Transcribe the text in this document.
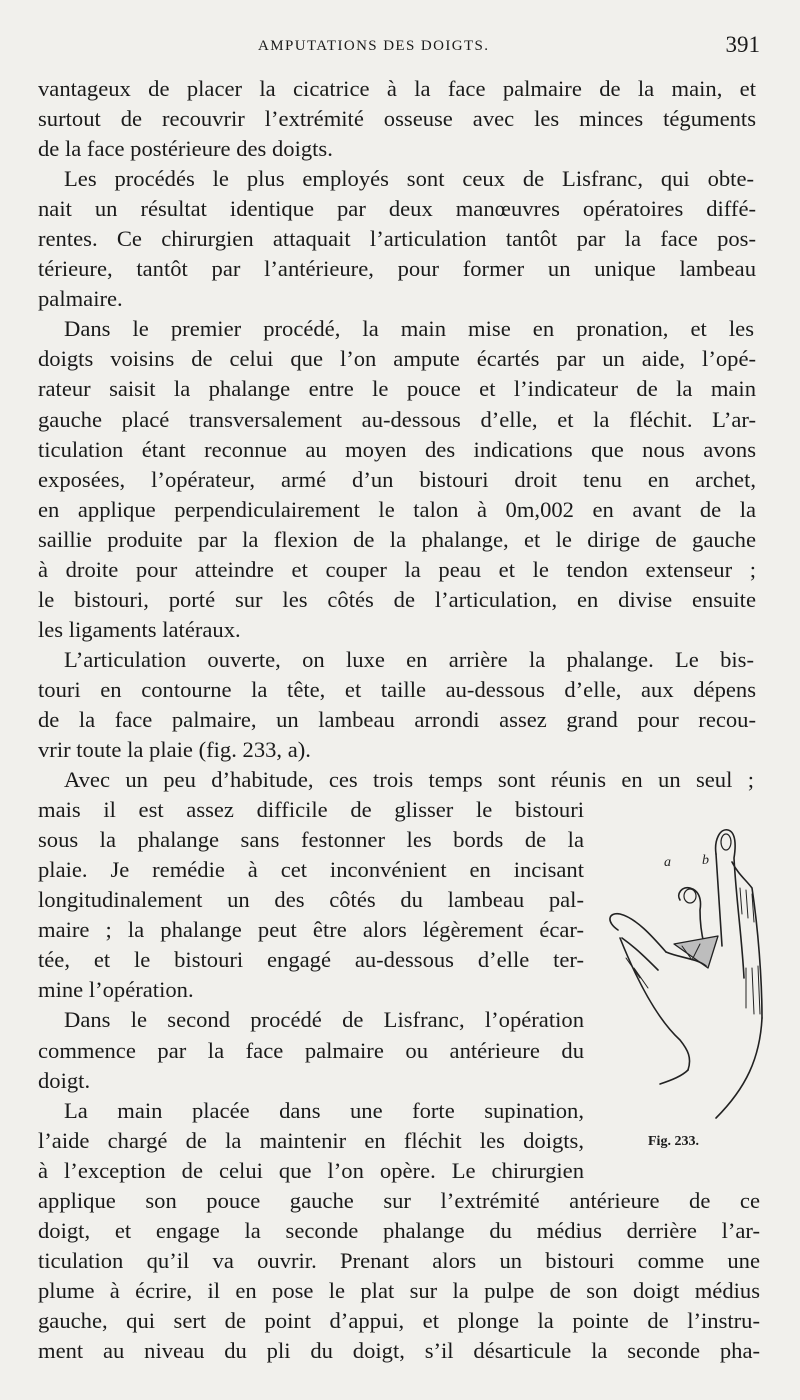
AMPUTATIONS DES DOIGTS.	391
vantageux de placer la cicatrice à la face palmaire de la main, et
surtout de recouvrir l’extrémité osseuse avec les minces téguments
de la face postérieure des doigts.
Les procédés le plus employés sont ceux de Lisfranc, qui obte-
nait un résultat identique par deux manœuvres opératoires diffé-
rentes. Ce chirurgien attaquait l’articulation tantôt par la face pos-
térieure, tantôt par l’antérieure, pour former un unique lambeau
palmaire.
Dans le premier procédé, la main mise en pronation, et les
doigts voisins de celui que l’on ampute écartés par un aide, l’opé-
rateur saisit la phalange entre le pouce et l’indicateur de la main
gauche placé transversalement au-dessous d’elle, et la fléchit. L’ar-
ticulation étant reconnue au moyen des indications que nous avons
exposées, l’opérateur, armé d’un bistouri droit tenu en archet,
en applique perpendiculairement le talon à 0m,002 en avant de la
saillie produite par la flexion de la phalange, et le dirige de gauche
à droite pour atteindre et couper la peau et le tendon extenseur ;
le bistouri, porté sur les côtés de l’articulation, en divise ensuite
les ligaments latéraux.
L’articulation ouverte, on luxe en arrière la phalange. Le bis-
touri en contourne la tête, et taille au-dessous d’elle, aux dépens
de la face palmaire, un lambeau arrondi assez grand pour recou-
vrir toute la plaie (fig. 233, a).
Avec un peu d’habitude, ces trois temps sont réunis en un seul ;
mais il est assez difficile de glisser le bistouri
sous la phalange sans festonner les bords de la
plaie. Je remédie à cet inconvénient en incisant
longitudinalement un des côtés du lambeau pal-
maire ; la phalange peut être alors légèrement écar-
tée, et le bistouri engagé au-dessous d’elle ter-
mine l’opération.
Dans le second procédé de Lisfranc, l’opération
commence par la face palmaire ou antérieure du
doigt.
La main placée dans une forte supination,
l’aide chargé de la maintenir en fléchit les doigts,
à l’exception de celui que l’on opère. Le chirurgien
applique son pouce gauche sur l’extrémité antérieure de ce
doigt, et engage la seconde phalange du médius derrière l’ar-
ticulation qu’il va ouvrir. Prenant alors un bistouri comme une
plume à écrire, il en pose le plat sur la pulpe de son doigt médius
gauche, qui sert de point d’appui, et plonge la pointe de l’instru-
ment au niveau du pli du doigt, s’il désarticule la seconde pha-
a b
Fig. 233.
